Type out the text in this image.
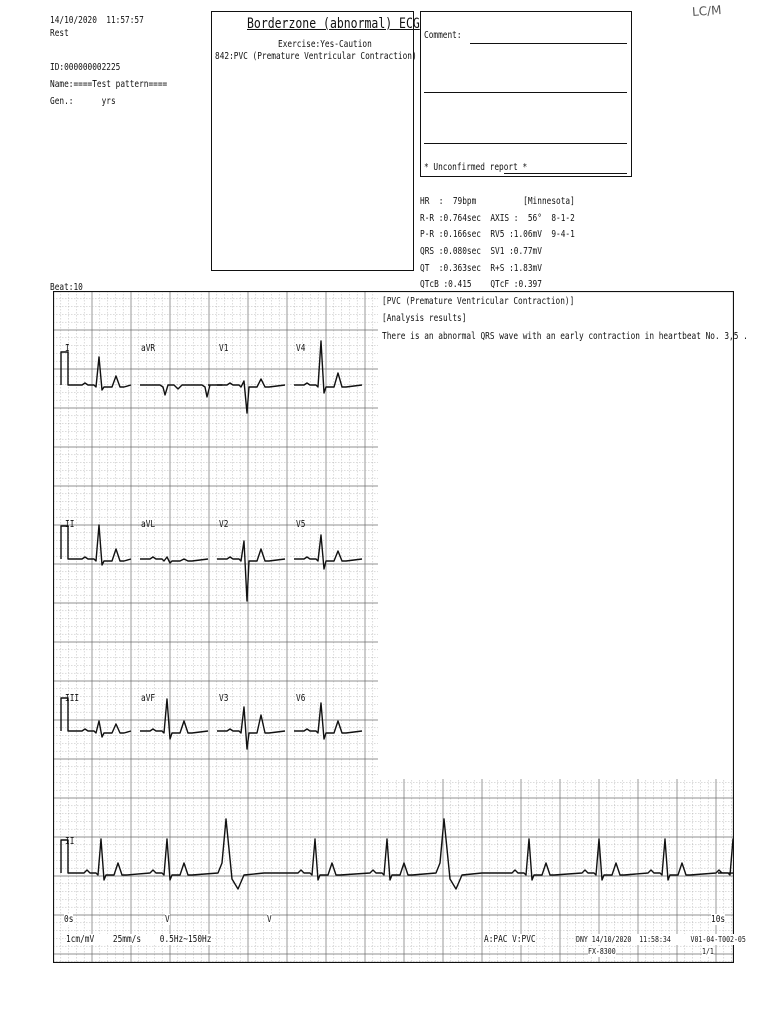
14/10/2020  11:57:57
Rest
ID:000000002225
Name:====Test pattern====
Gen.:      yrs
LC/M
Borderzone (abnormal) ECG
Exercise:Yes-Caution
842:PVC (Premature Ventricular Contraction)
Comment:
* Unconfirmed report *
HR  :  79bpm          [Minnesota]
R-R :0.764sec  AXIS :  56°  8-1-2
P-R :0.166sec  RV5 :1.06mV  9-4-1
QRS :0.080sec  SV1 :0.77mV
QT  :0.363sec  R+S :1.83mV
QTcB :0.415    QTcF :0.397
Beat:10
[PVC (Premature Ventricular Contraction)]
[Analysis results]
There is an abnormal QRS wave with an early contraction in heartbeat No. 3,5 .
I	aVR	V1	V4
II	aVL	V2	V5
III	aVF	V3	V6
II
0s	V	V	10s
1cm/mV    25mm/s    0.5Hz~150Hz	A:PAC V:PVC	DNY 14/10/2020  11:58:34     V01-04-T002-05
FX-8300	1/1
